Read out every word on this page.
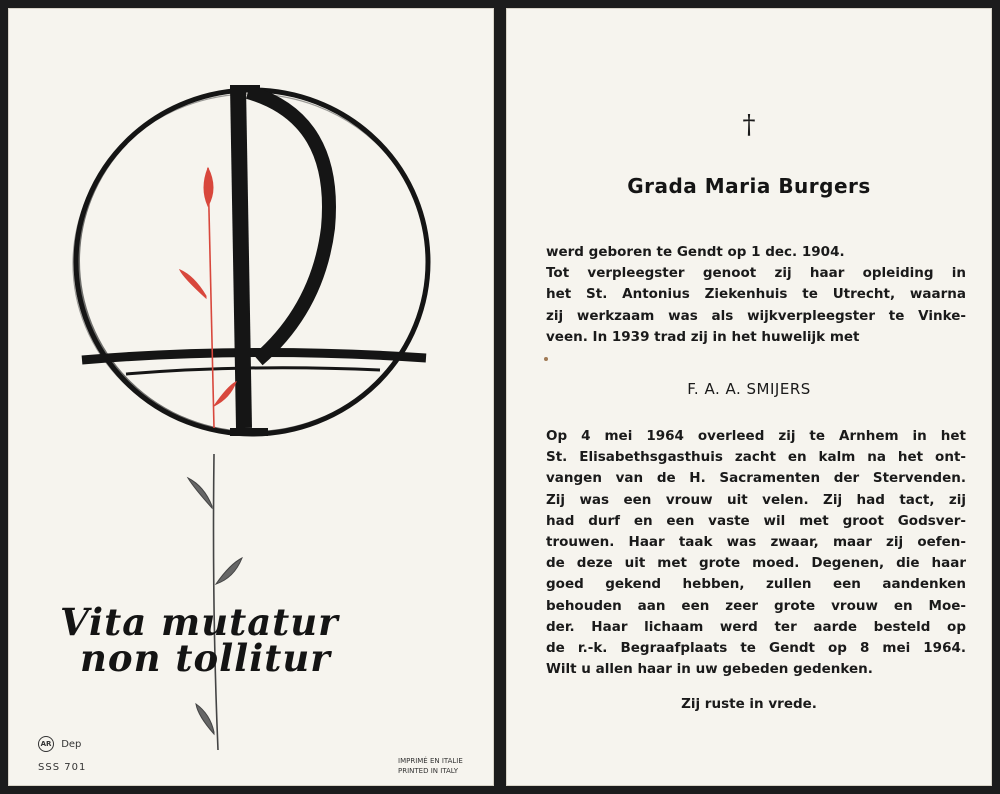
Vita mutatur
non tollitur
AR Dep
SSS 701
IMPRIMÉ EN ITALIE
PRINTED IN ITALY
†
Grada Maria Burgers
werd geboren te Gendt op 1 dec. 1904.
Tot verpleegster genoot zij haar opleiding in
het St. Antonius Ziekenhuis te Utrecht, waarna
zij werkzaam was als wijkverpleegster te Vinke-
veen. In 1939 trad zij in het huwelijk met
F. A. A. SMIJERS
Op 4 mei 1964 overleed zij te Arnhem in het
St. Elisabethsgasthuis zacht en kalm na het ont-
vangen van de H. Sacramenten der Stervenden.
Zij was een vrouw uit velen. Zij had tact, zij
had durf en een vaste wil met groot Godsver-
trouwen. Haar taak was zwaar, maar zij oefen-
de deze uit met grote moed. Degenen, die haar
goed gekend hebben, zullen een aandenken
behouden aan een zeer grote vrouw en Moe-
der. Haar lichaam werd ter aarde besteld op
de r.-k. Begraafplaats te Gendt op 8 mei 1964.
Wilt u allen haar in uw gebeden gedenken.
Zij ruste in vrede.
